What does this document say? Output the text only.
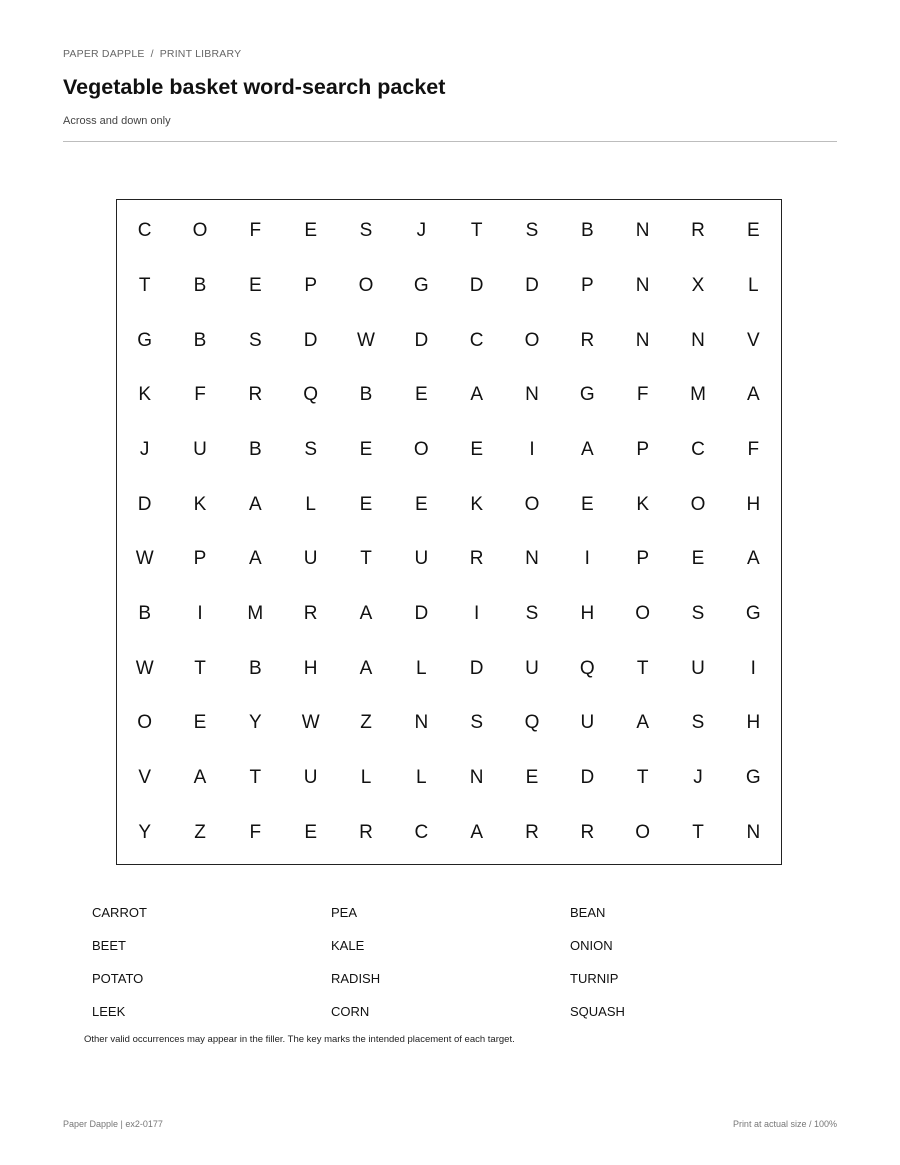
PAPER DAPPLE / PRINT LIBRARY
Vegetable basket word-search packet
Across and down only
C	O	F	E	S	J	T	S	B	N	R	E
T	B	E	P	O	G	D	D	P	N	X	L
G	B	S	D	W	D	C	O	R	N	N	V
K	F	R	Q	B	E	A	N	G	F	M	A
J	U	B	S	E	O	E	I	A	P	C	F
D	K	A	L	E	E	K	O	E	K	O	H
W	P	A	U	T	U	R	N	I	P	E	A
B	I	M	R	A	D	I	S	H	O	S	G
W	T	B	H	A	L	D	U	Q	T	U	I
O	E	Y	W	Z	N	S	Q	U	A	S	H
V	A	T	U	L	L	N	E	D	T	J	G
Y	Z	F	E	R	C	A	R	R	O	T	N
CARROT	PEA	BEAN
BEET	KALE	ONION
POTATO	RADISH	TURNIP
LEEK	CORN	SQUASH
Other valid occurrences may appear in the filler. The key marks the intended placement of each target.
Paper Dapple | ex2-0177	Print at actual size / 100%
